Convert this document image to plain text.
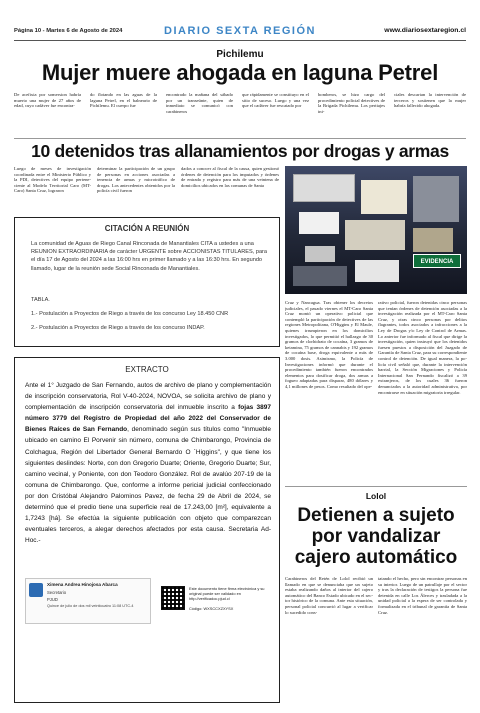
Página 10 - Martes 6 de Agosto de 2024	DIARIO SEXTA REGIÓN	www.diariosextaregion.cl
Pichilemu
Mujer muere ahogada en laguna Petrel
De acefixia por somersion habría muerto una mujer de 27 años de edad, cuyo cadáver fue encontra-
do flotando en las aguas de la laguna Petrel, en el balneario de Pichilemu. El cuerpo fue
encontrado la mañana del sábado por un transeúnte, quien de inmediato se comunicó con carabineros
que rápidamente se constituyo en el sitio de suceso. Luego y una vez que el cadáver fue rescatado por
bomberos, se hizo cargo del procedimiento policial detectives de la Brigada Pichilemu. Los peritajes ini-
ciales descartan la intervención de terceros y sostienen que la mujer habría fallecido ahogada.
10 detenidos tras allanamientos por drogas y armas
Luego de meses de investigación coordinada entre el Ministerio Público y la PDI, detectives del equipo perteneciente al Modelo Territorial Caro (MT-Caro) Santa Cruz, lograron
determinar la participación de un grupo de personas en acciones asociadas a tenencia de armas y microtráfico de drogas. Los antecedentes obtenidos por la policía civil fueron
dados a conocer al fiscal de la causa, quien gestionó órdenes de detención para los imputados y órdenes de entrada y registro para más de una veintena de domicilios ubicados en las comunas de Santa
EVIDENCIA
CITACIÓN A REUNIÓN
La comunidad de Aguas de Riego Canal Rinconada de Manantiales CITA a ustedes a una REUNION EXTRAORDINARIA de carácter URGENTE sobre ACCIONISTAS TITULARES, para el día 17 de Agosto del 2024 a las 16:00 hrs en primer llamado y a las 16:30 hrs. En segundo llamado, lugar de la reunión sede Social Rinconada de Manantiales.
TABLA.
1.- Postulación a Proyectos de Riego a través de los concurso Ley 18.450 CNR
2.- Postulación a Proyectos de Riego a través de los concurso INDAP.
EXTRACTO
Ante el 1° Juzgado de San Fernando, autos de archivo de plano y complementación de inscripción conservatoria, Rol V-40-2024, NOVOA, se solicita archivo de plano y complementación de inscripción conservatoria del inmueble inscrito a fojas 3897 número 3779 del Registro de Propiedad del año 2022 del Conservador de Bienes Raíces de San Fernando, denominado según sus títulos como "Inmueble ubicado en camino El Porvenir sin número, comuna de Chimbarongo, Provincia de Colchagua, Región del Libertador General Bernardo O ´Higgins", y que tiene los siguientes deslindes: Norte, con don Gregorio Duarte; Oriente, Gregorio Duarte; Sur, camino vecinal, y Poniente, con don Teodoro González. Rol de avalúo 207-19 de la comuna de Chimbarongo. Que, conforme a informe pericial judicial confeccionado por don Cristóbal Alejandro Palominos Pavez, de fecha 29 de Abril de 2024, se determinó que el predio tiene una superficie real de 17.243,00 [m²], equivalente a 1,7243 [há]. Se efectúa la siguiente publicación con objeto que comparezcan eventuales terceros, a alegar derechos afectados por esta causa. Secretaria Ad-Hoc.-
Ximena Andrea Hinojosa Abarca
Secretario
PJUD
Quince de julio de dos mil veinticuatro 11:08 UTC-4
Este documento tiene firma electrónica y su original puede ser validado en http://verificadoc.pjud.cl
Código: WXSCCXZXYSX
Cruz y Nancagua. Tras obtener los decretos judiciales, el pasado viernes el MT-Caro Santa Cruz montó un operativo policial que contempló la participación de detectives de las regiones Metropolitana, O'Higgins y El Maule, quienes irrumpieron en los domicilios investigados, lo que permitió el hallazgo de 30 gramos de clorhidrato de cocaína, 3 gramos de ketamina, 75 gramos de cannabis y 192 gramos de cocaína base, droga equivalente a más de 3.000 dosis. Asimismo, la Policía de Investigaciones informó que durante el procedimiento también fueron encontrados elementos para dosificar droga, dos armas a fogueo adaptadas para disparar, 480 dólares y 4,1 millones de pesos. Como resultado del ope-
rativo policial, fueron detenidas cinco personas que tenían órdenes de detención asociadas a la investigación realizada por el MT-Caro Santa Cruz, y otras cinco personas por delitos flagrantes, todos asociados a infracciones a la Ley de Drogas y/o Ley de Control de Armas. Lo anterior fue informado al fiscal que dirige la investigación, quien instruyó que los detenidos fuesen puestos a disposición del Juzgado de Garantía de Santa Cruz, para su correspondiente control de detención. De igual manera, la policía civil señaló que, durante la intervención barrial, la Sección Migraciones y Policía Internacional San Fernando fiscalizó a 39 extranjeros, de los cuales 36 fueron denunciados a la autoridad administrativa, por encontrarse en situación migratoria irregular.
Lolol
Detienen a sujeto por vandalizar cajero automático
Carabineros del Retén de Lolol recibió un llamado en que se denunciaba que un sujeto estaba realizando daños al interior del cajero automático del Banco Estado ubicado en el sector histórico de la comuna. Ante esta situación, personal policial concurrió al lugar a verificar lo sucedido cons-
tatando el hecho, pero sin encontrar personas en su interior. Luego de un patrullaje por el sector y tras la declaración de testigos la persona fue detenida en calle Los Álerces y trasladada a la unidad policial a la espera de ser controlada y formalizada en el tribunal de garantía de Santa Cruz.
